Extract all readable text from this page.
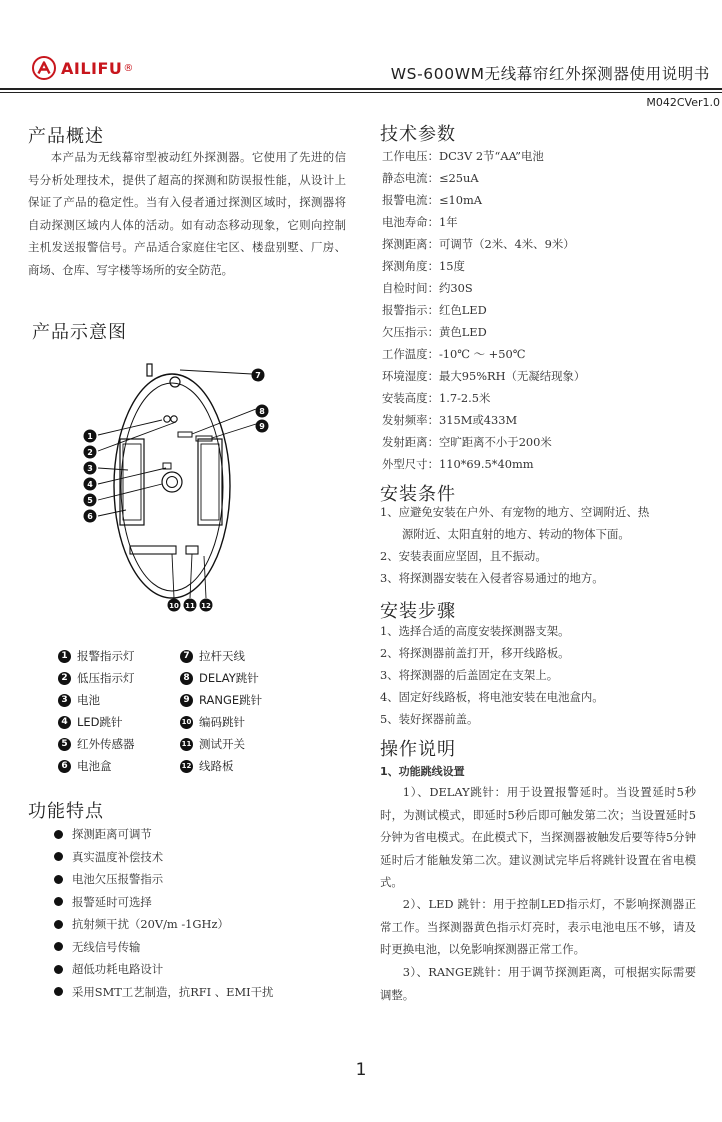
AILIFU ®	WS-600WM无线幕帘红外探测器使用说明书
M042CVer1.0
产品概述
本产品为无线幕帘型被动红外探测器。它使用了先进的信号分析处理技术，提供了超高的探测和防误报性能，从设计上保证了产品的稳定性。当有入侵者通过探测区域时，探测器将自动探测区域内人体的活动。如有动态移动现象，它则向控制主机发送报警信号。产品适合家庭住宅区、楼盘别墅、厂房、商场、仓库、写字楼等场所的安全防范。
产品示意图
7
1
2
3
4
5
6
8
9
10 11 12
1 报警指示灯	7 拉杆天线
2 低压指示灯	8 DELAY跳针
3 电池	9 RANGE跳针
4 LED跳针	10 编码跳针
5 红外传感器	11 测试开关
6 电池盒	12 线路板
功能特点
探测距离可调节
真实温度补偿技术
电池欠压报警指示
报警延时可选择
抗射频干扰（20V/m -1GHz）
无线信号传输
超低功耗电路设计
采用SMT工艺制造，抗RFI 、EMI干扰
技术参数
工作电压：DC3V 2节“AA”电池
静态电流：≤25uA
报警电流：≤10mA
电池寿命：1年
探测距离：可调节（2米、4米、9米）
探测角度：15度
自检时间：约30S
报警指示：红色LED
欠压指示：黄色LED
工作温度：-10℃ ～ +50℃
环境湿度：最大95%RH（无凝结现象）
安装高度：1.7-2.5米
发射频率：315M或433M
发射距离：空旷距离不小于200米
外型尺寸：110*69.5*40mm
安装条件
1、应避免安装在户外、有宠物的地方、空调附近、热
源附近、太阳直射的地方、转动的物体下面。
2、安装表面应坚固，且不振动。
3、将探测器安装在入侵者容易通过的地方。
安装步骤
1、选择合适的高度安装探测器支架。
2、将探测器前盖打开，移开线路板。
3、将探测器的后盖固定在支架上。
4、固定好线路板，将电池安装在电池盒内。
5、装好探器前盖。
操作说明
1、功能跳线设置
1）、DELAY跳针：用于设置报警延时。当设置延时5秒时，为测试模式，即延时5秒后即可触发第二次；当设置延时5分钟为省电模式。在此模式下，当探测器被触发后要等待5分钟延时后才能触发第二次。建议测试完毕后将跳针设置在省电模式。
2）、LED 跳针：用于控制LED指示灯，不影响探测器正常工作。当探测器黄色指示灯亮时，表示电池电压不够，请及时更换电池，以免影响探测器正常工作。
3）、RANGE跳针：用于调节探测距离，可根据实际需要调整。
1
